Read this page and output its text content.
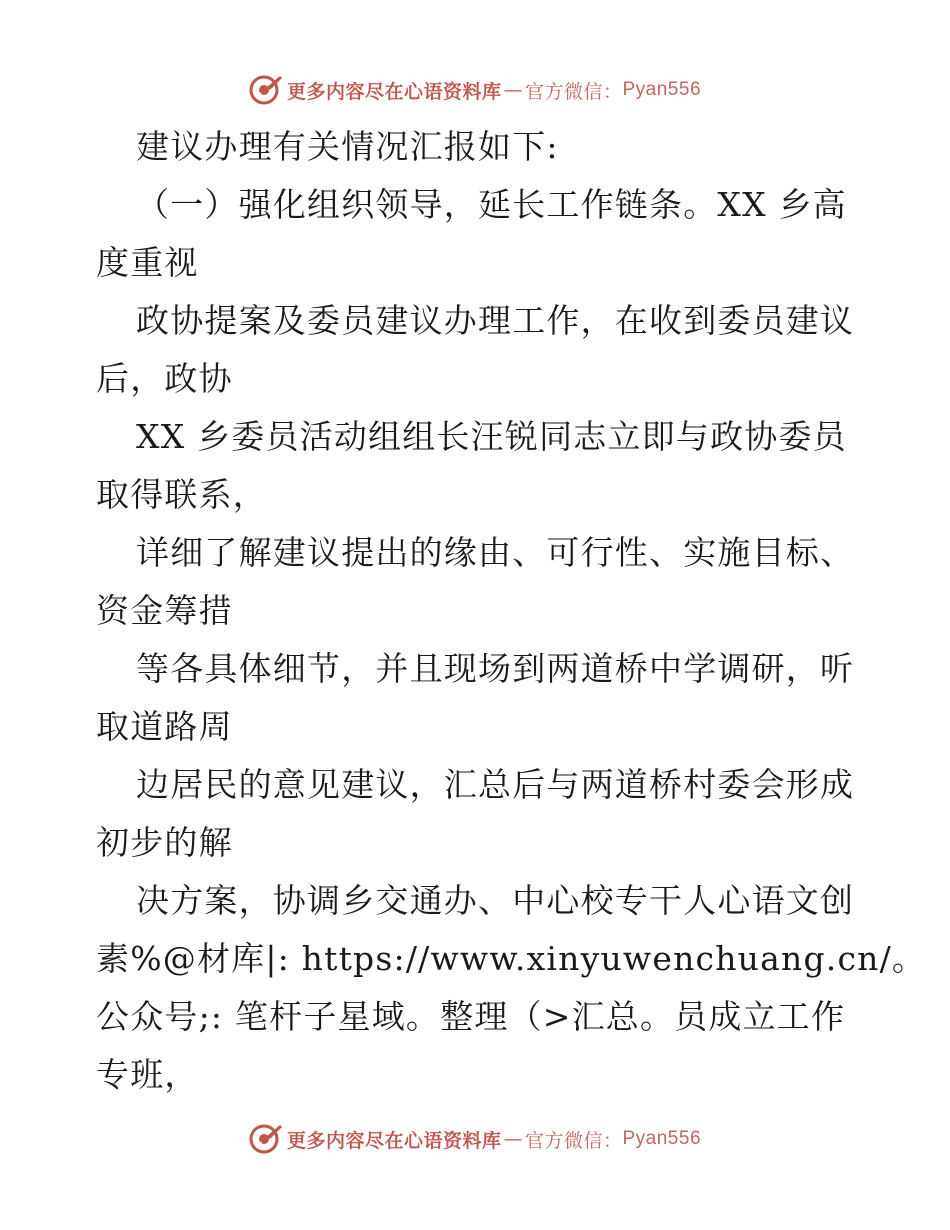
更多内容尽在心语资料库 — 官方微信： Pyan556
建议办理有关情况汇报如下:
（一）强化组织领导，延长工作链条。XX 乡高
度重视
政协提案及委员建议办理工作，在收到委员建议
后，政协
XX 乡委员活动组组长汪锐同志立即与政协委员
取得联系，
详细了解建议提出的缘由、可行性、实施目标、
资金筹措
等各具体细节，并且现场到两道桥中学调研，听
取道路周
边居民的意见建议，汇总后与两道桥村委会形成
初步的解
决方案，协调乡交通办、中心校专干人心语文创
素%@材库|: https://www.xinyuwenchuang.cn/。
公众号;: 笔杆子星域。整理（>汇总。员成立工作
专班，
更多内容尽在心语资料库 — 官方微信： Pyan556
